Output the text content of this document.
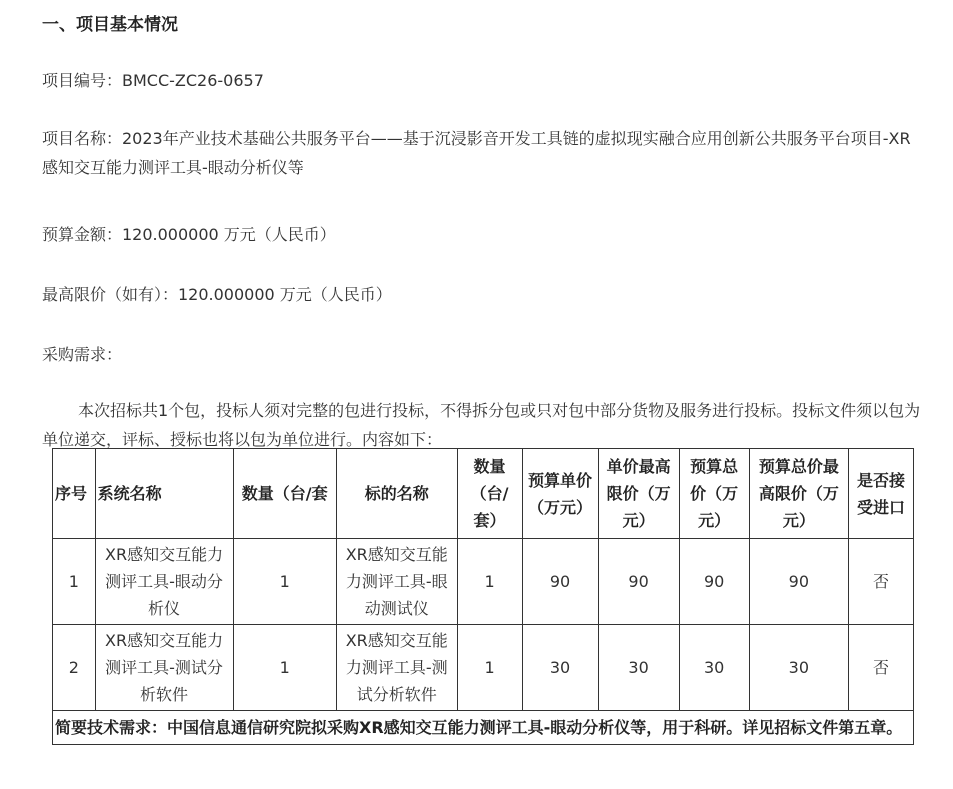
一、项目基本情况

项目编号：BMCC-ZC26-0657

项目名称：2023年产业技术基础公共服务平台——基于沉浸影音开发工具链的虚拟现实融合应用创新公共服务平台项目-XR感知交互能力测评工具-眼动分析仪等

预算金额：120.000000 万元（人民币）

最高限价（如有）：120.000000 万元（人民币）

采购需求：

本次招标共1个包，投标人须对完整的包进行投标，不得拆分包或只对包中部分货物及服务进行投标。投标文件须以包为单位递交，评标、授标也将以包为单位进行。内容如下：

序号	系统名称	数量（台/套	标的名称	数量（台/套）	预算单价（万元）	单价最高限价（万元）	预算总价（万元）	预算总价最高限价（万元）	是否接受进口
1	XR感知交互能力测评工具-眼动分析仪	1	XR感知交互能力测评工具-眼动测试仪	1	90	90	90	90	否
2	XR感知交互能力测评工具-测试分析软件	1	XR感知交互能力测评工具-测试分析软件	1	30	30	30	30	否
简要技术需求：中国信息通信研究院拟采购XR感知交互能力测评工具-眼动分析仪等，用于科研。详见招标文件第五章。									
